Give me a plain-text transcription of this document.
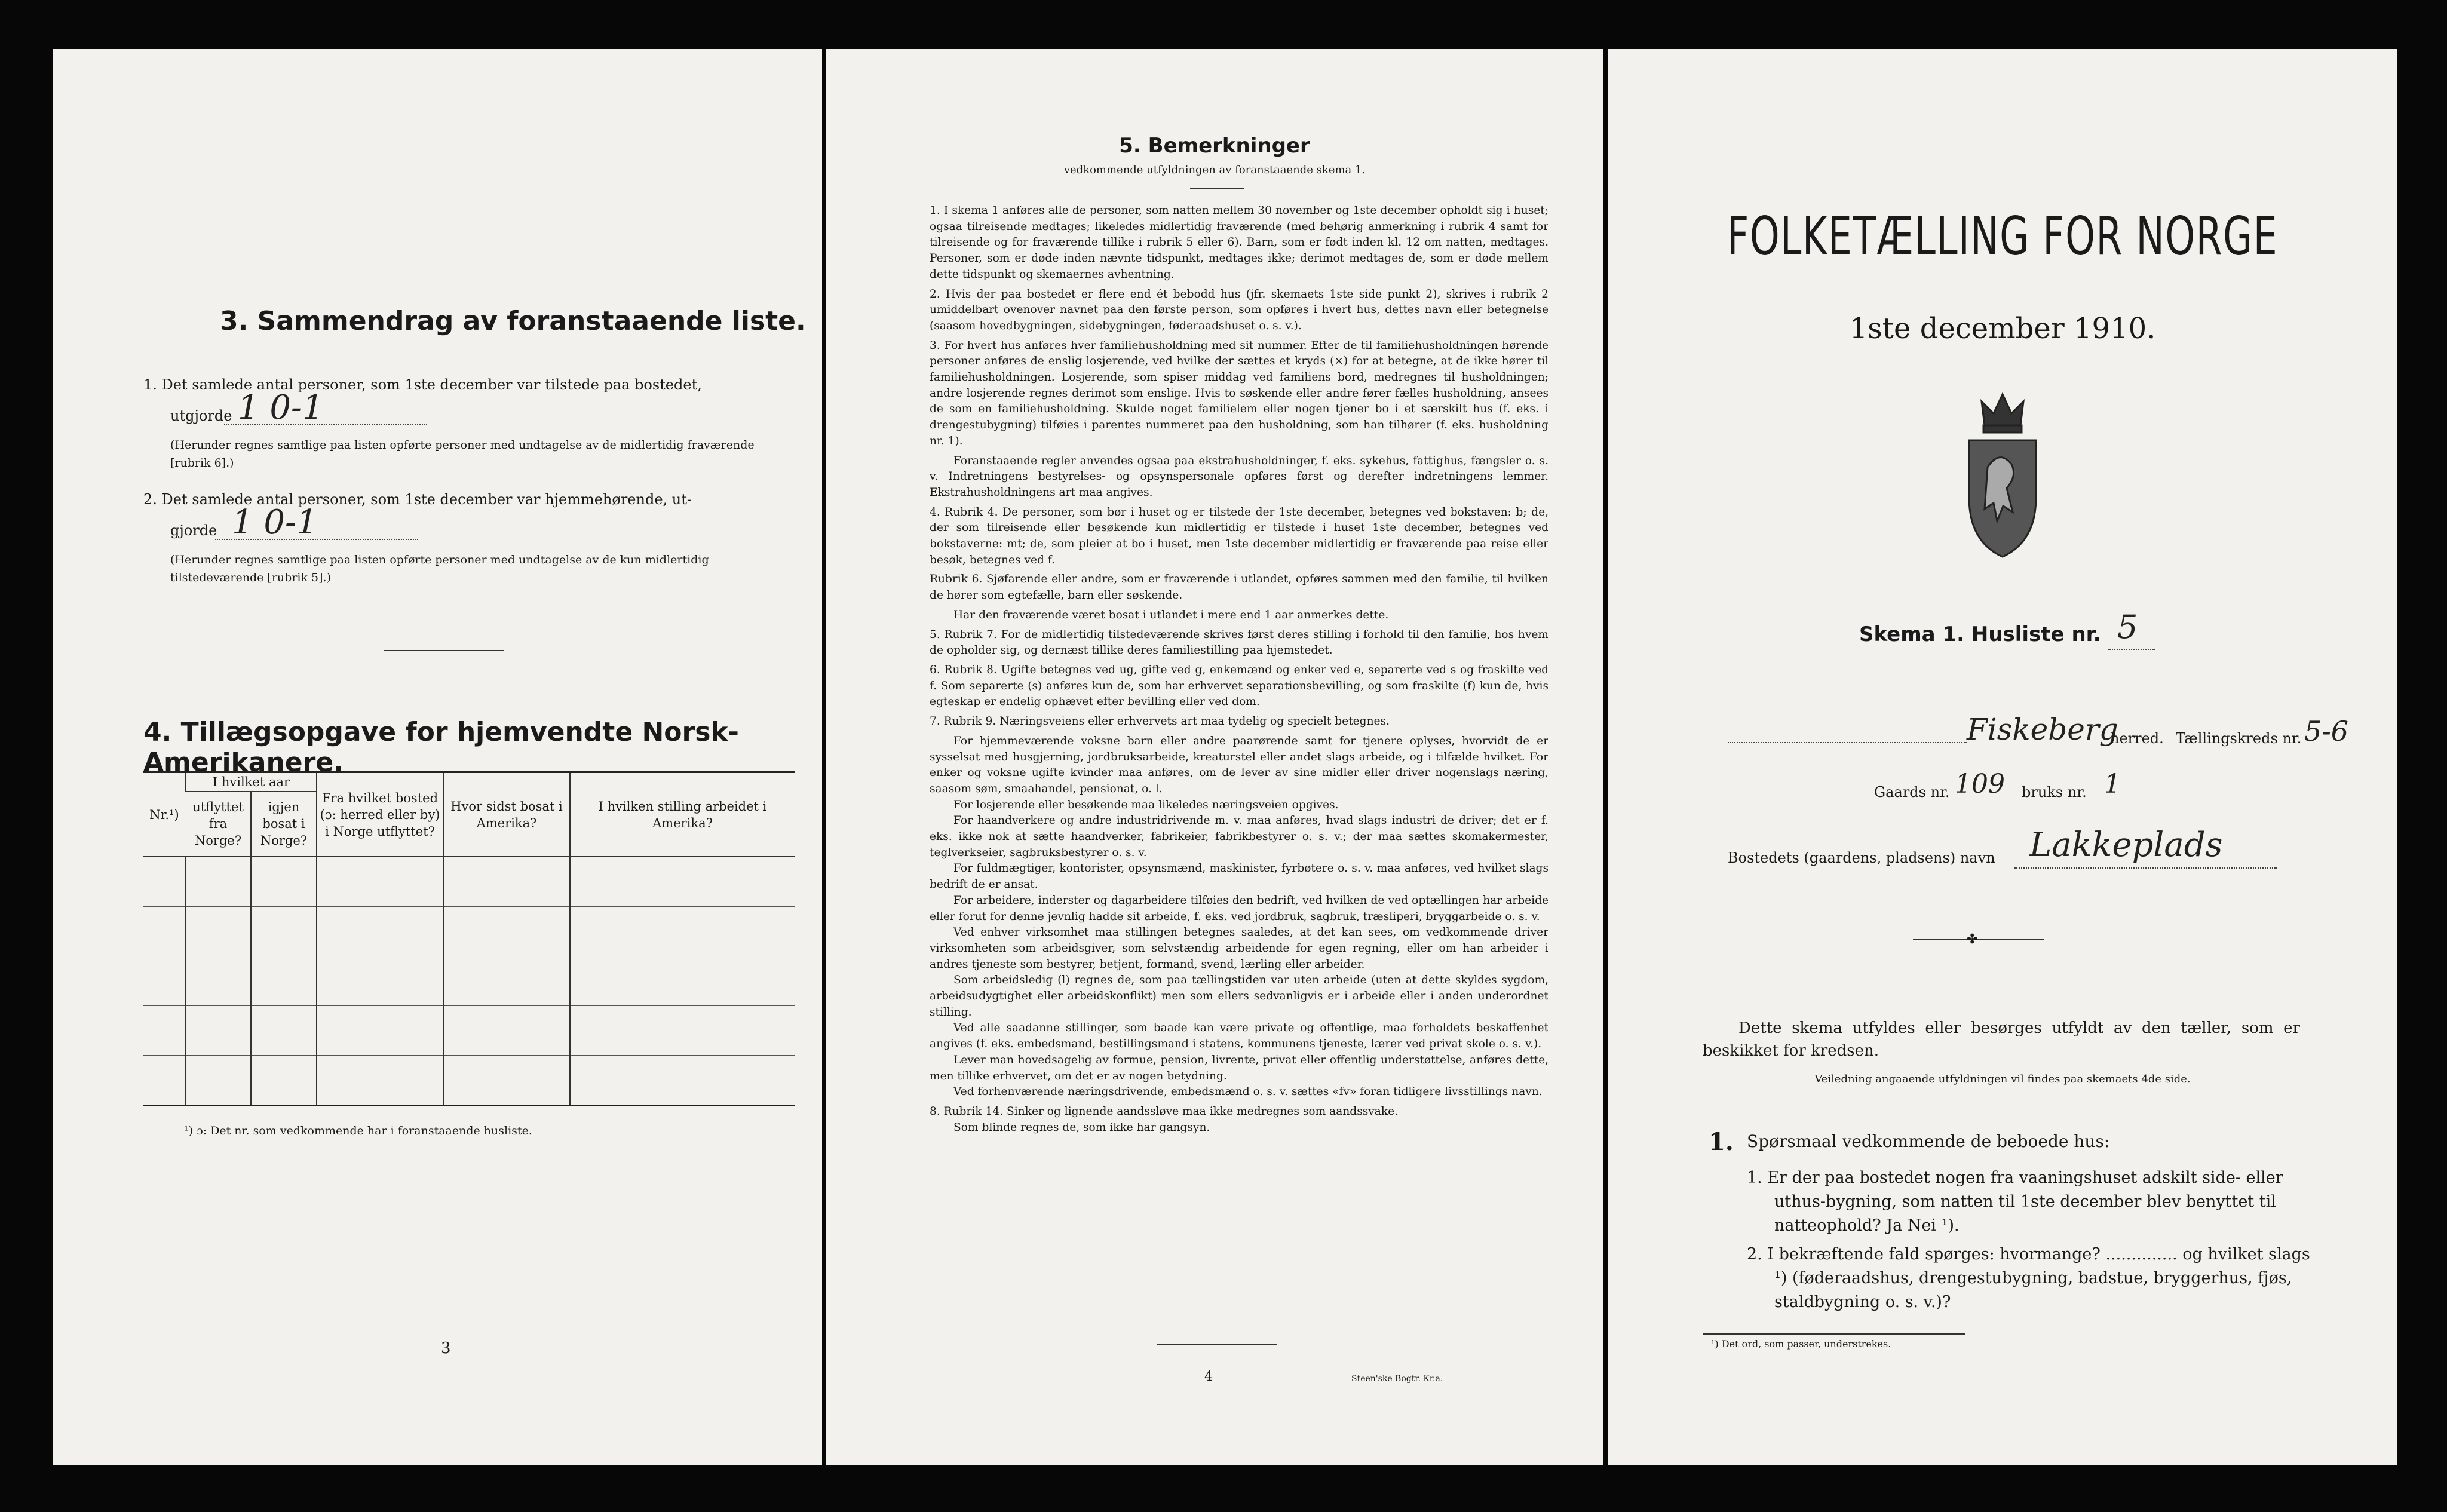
3. Sammendrag av foranstaaende liste.
1. Det samlede antal personer, som 1ste december var tilstede paa bostedet,
utgjorde 1 0-1
(Herunder regnes samtlige paa listen opførte personer med undtagelse av de midlertidig fraværende [rubrik 6].)
2. Det samlede antal personer, som 1ste december var hjemmehørende, ut-
gjorde 1 0-1
(Herunder regnes samtlige paa listen opførte personer med undtagelse av de kun midlertidig tilstedeværende [rubrik 5].)
4. Tillægsopgave for hjemvendte Norsk-Amerikanere.
Nr.¹)	I hvilket aar		Fra hvilket bosted (ɔ: herred eller by) i Norge utflyttet?	Hvor sidst bosat i Amerika?	I hvilken stilling arbeidet i Amerika?
	utflyttet fra Norge?	igjen bosat i Norge?			

¹) ɔ: Det nr. som vedkommende har i foranstaaende husliste.
3
5. Bemerkninger
vedkommende utfyldningen av foranstaaende skema 1.

1. I skema 1 anføres alle de personer, som natten mellem 30 november og 1ste december opholdt sig i huset; ogsaa tilreisende medtages; likeledes midlertidig fraværende (med behørig anmerkning i rubrik 4 samt for tilreisende og for fraværende tillike i rubrik 5 eller 6). Barn, som er født inden kl. 12 om natten, medtages. Personer, som er døde inden nævnte tidspunkt, medtages ikke; derimot medtages de, som er døde mellem dette tidspunkt og skemaernes avhentning.

2. Hvis der paa bostedet er flere end ét bebodd hus (jfr. skemaets 1ste side punkt 2), skrives i rubrik 2 umiddelbart ovenover navnet paa den første person, som opføres i hvert hus, dettes navn eller betegnelse (saasom hovedbygningen, sidebygningen, føderaadshuset o. s. v.).

3. For hvert hus anføres hver familiehusholdning med sit nummer. Efter de til familiehusholdningen hørende personer anføres de enslig losjerende, ved hvilke der sættes et kryds (×) for at betegne, at de ikke hører til familiehusholdningen. Losjerende, som spiser middag ved familiens bord, medregnes til husholdningen; andre losjerende regnes derimot som enslige. Hvis to søskende eller andre fører fælles husholdning, ansees de som en familiehusholdning. Skulde noget familielem eller nogen tjener bo i et særskilt hus (f. eks. i drengestubygning) tilføies i parentes nummeret paa den husholdning, som han tilhører (f. eks. husholdning nr. 1).

Foranstaaende regler anvendes ogsaa paa ekstrahusholdninger, f. eks. sykehus, fattighus, fængsler o. s. v. Indretningens bestyrelses- og opsynspersonale opføres først og derefter indretningens lemmer. Ekstrahusholdningens art maa angives.

4. Rubrik 4. De personer, som bør i huset og er tilstede der 1ste december, betegnes ved bokstaven: b; de, der som tilreisende eller besøkende kun midlertidig er tilstede i huset 1ste december, betegnes ved bokstaverne: mt; de, som pleier at bo i huset, men 1ste december midlertidig er fraværende paa reise eller besøk, betegnes ved f.

Rubrik 6. Sjøfarende eller andre, som er fraværende i utlandet, opføres sammen med den familie, til hvilken de hører som egtefælle, barn eller søskende.

Har den fraværende været bosat i utlandet i mere end 1 aar anmerkes dette.

5. Rubrik 7. For de midlertidig tilstedeværende skrives først deres stilling i forhold til den familie, hos hvem de opholder sig, og dernæst tillike deres familiestilling paa hjemstedet.

6. Rubrik 8. Ugifte betegnes ved ug, gifte ved g, enkemænd og enker ved e, separerte ved s og fraskilte ved f. Som separerte (s) anføres kun de, som har erhvervet separationsbevilling, og som fraskilte (f) kun de, hvis egteskap er endelig ophævet efter bevilling eller ved dom.

7. Rubrik 9. Næringsveiens eller erhvervets art maa tydelig og specielt betegnes.

For hjemmeværende voksne barn eller andre paarørende samt for tjenere oplyses, hvorvidt de er sysselsat med husgjerning, jordbruksarbeide, kreaturstel eller andet slags arbeide, og i tilfælde hvilket. For enker og voksne ugifte kvinder maa anføres, om de lever av sine midler eller driver nogenslags næring, saasom søm, smaahandel, pensionat, o. l.

For losjerende eller besøkende maa likeledes næringsveien opgives.

For haandverkere og andre industridrivende m. v. maa anføres, hvad slags industri de driver; det er f. eks. ikke nok at sætte haandverker, fabrikeier, fabrikbestyrer o. s. v.; der maa sættes skomakermester, teglverkseier, sagbruksbestyrer o. s. v.

For fuldmægtiger, kontorister, opsynsmænd, maskinister, fyrbøtere o. s. v. maa anføres, ved hvilket slags bedrift de er ansat.

For arbeidere, inderster og dagarbeidere tilføies den bedrift, ved hvilken de ved optællingen har arbeide eller forut for denne jevnlig hadde sit arbeide, f. eks. ved jordbruk, sagbruk, træsliperi, bryggarbeide o. s. v.

Ved enhver virksomhet maa stillingen betegnes saaledes, at det kan sees, om vedkommende driver virksomheten som arbeidsgiver, som selvstændig arbeidende for egen regning, eller om han arbeider i andres tjeneste som bestyrer, betjent, formand, svend, lærling eller arbeider.

Som arbeidsledig (l) regnes de, som paa tællingstiden var uten arbeide (uten at dette skyldes sygdom, arbeidsudygtighet eller arbeidskonflikt) men som ellers sedvanligvis er i arbeide eller i anden underordnet stilling.

Ved alle saadanne stillinger, som baade kan være private og offentlige, maa forholdets beskaffenhet angives (f. eks. embedsmand, bestillingsmand i statens, kommunens tjeneste, lærer ved privat skole o. s. v.).

Lever man hovedsagelig av formue, pension, livrente, privat eller offentlig understøttelse, anføres dette, men tillike erhvervet, om det er av nogen betydning.

Ved forhenværende næringsdrivende, embedsmænd o. s. v. sættes «fv» foran tidligere livsstillings navn.

8. Rubrik 14. Sinker og lignende aandssløve maa ikke medregnes som aandssvake.

Som blinde regnes de, som ikke har gangsyn.

4	Steen'ske Bogtr. Kr.a.
FOLKETÆLLING FOR NORGE
1ste december 1910.
Skema 1. Husliste nr. 5
Fiskeberg
herred. Tællingskreds nr. 5-6
Gaards nr. 109 bruks nr. 1
Bostedets (gaardens, pladsens) navn Lakkeplads
✤
Dette skema utfyldes eller besørges utfyldt av den tæller, som er beskikket for kredsen.
Veiledning angaaende utfyldningen vil findes paa skemaets 4de side.
1. Spørsmaal vedkommende de beboede hus:
1. Er der paa bostedet nogen fra vaaningshuset adskilt side- eller uthus-bygning, som natten til 1ste december blev benyttet til natteophold? Ja Nei ¹).
2. I bekræftende fald spørges: hvormange? .............. og hvilket slags ¹) (føderaadshus, drengestubygning, badstue, bryggerhus, fjøs, staldbygning o. s. v.)?
¹) Det ord, som passer, understrekes.
